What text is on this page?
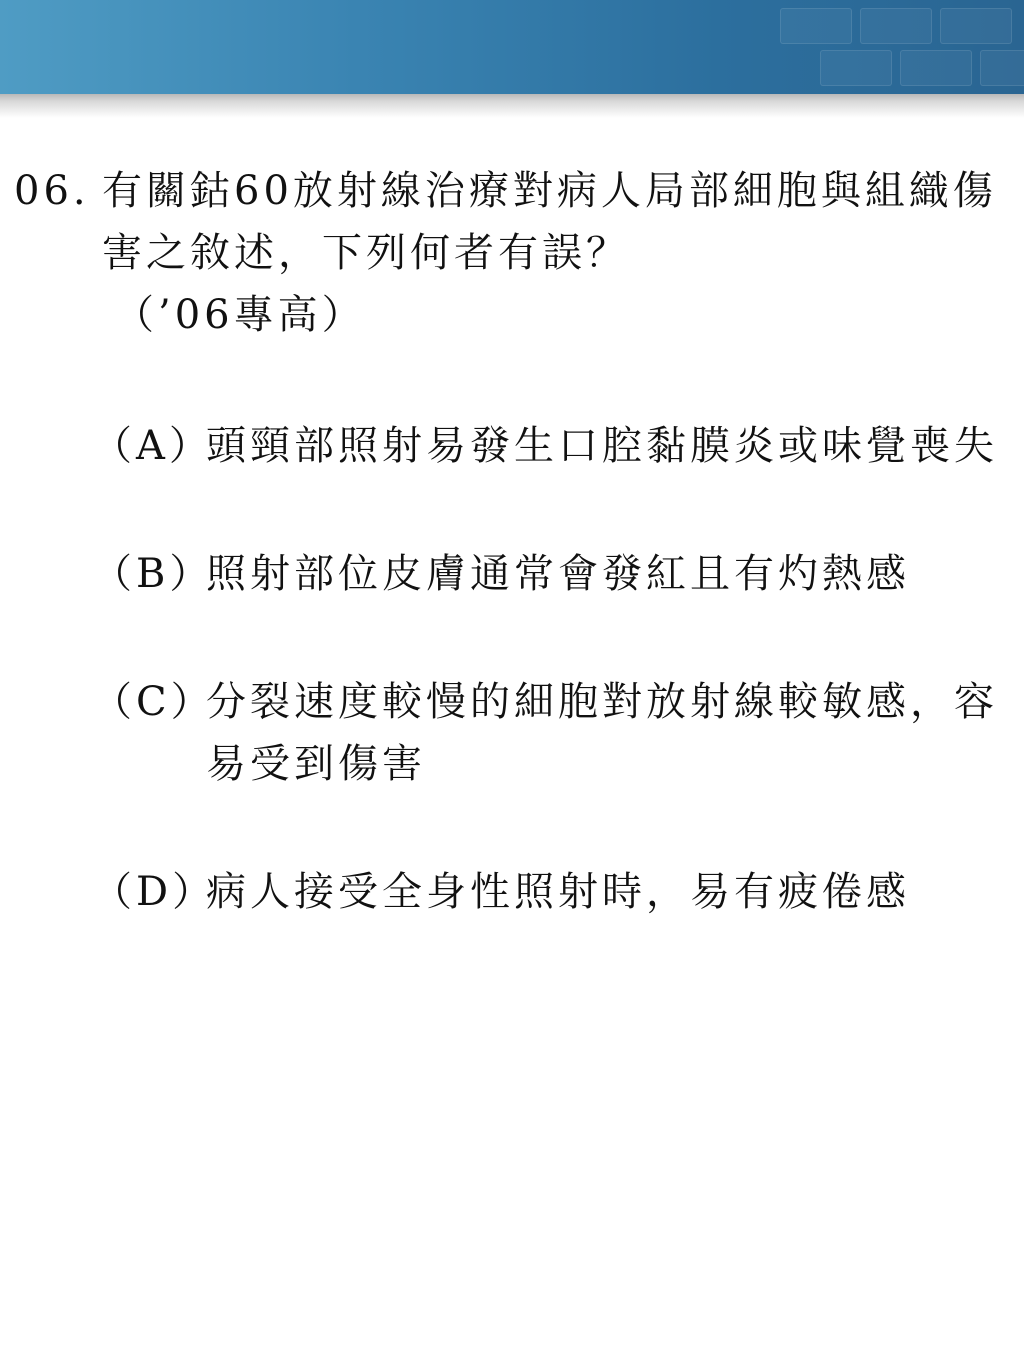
06. 有關鈷60放射線治療對病人局部細胞與組織傷害之敘述，下列何者有誤？
（’06專高）
（A）
頭頸部照射易發生口腔黏膜炎或味覺喪失
（B）
照射部位皮膚通常會發紅且有灼熱感
（C）
分裂速度較慢的細胞對放射線較敏感，容易受到傷害
（D）
病人接受全身性照射時，易有疲倦感
